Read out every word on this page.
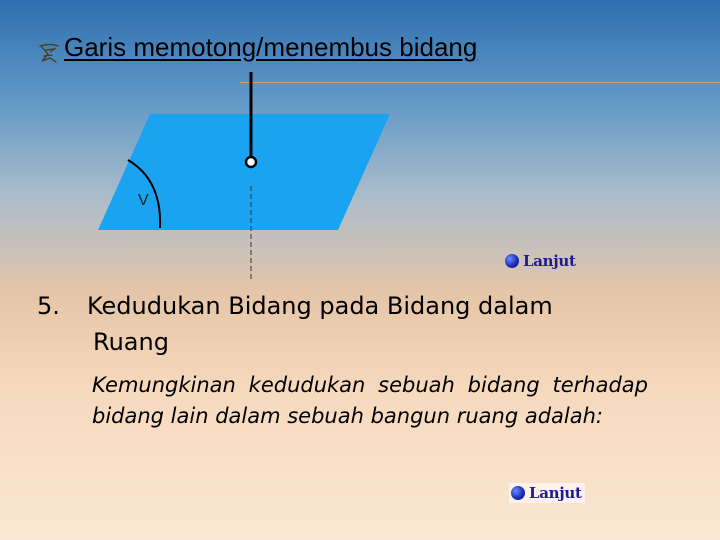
Garis memotong/menembus bidang
V
Lanjut
5. Kedudukan Bidang pada Bidang dalam
Ruang
Kemungkinan kedudukan sebuah bidang terhadap bidang lain dalam sebuah bangun ruang adalah:
Lanjut
